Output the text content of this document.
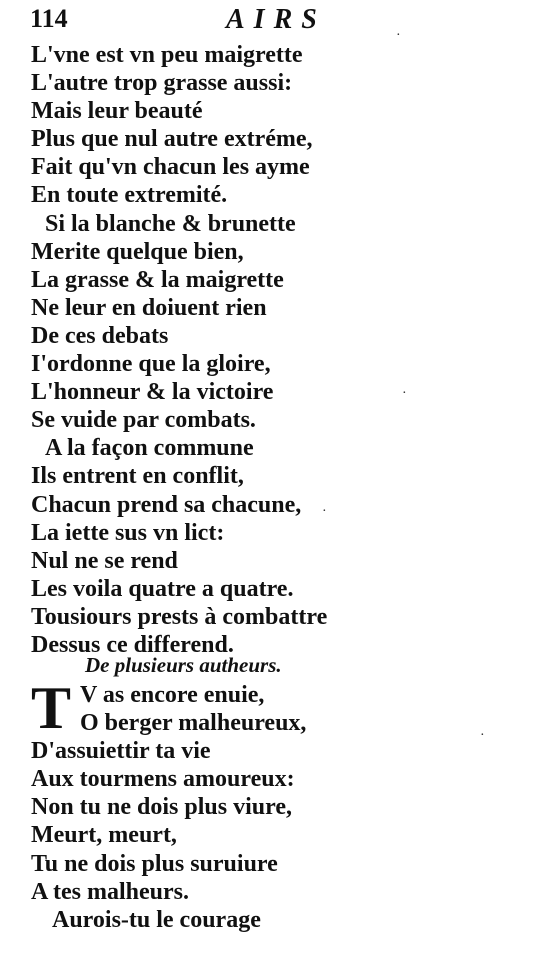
114	AIRS
L'vne est vn peu maigrette
L'autre trop grasse aussi:
Mais leur beauté
Plus que nul autre extréme,
Fait qu'vn chacun les ayme
En toute extremité.
Si la blanche & brunette
Merite quelque bien,
La grasse & la maigrette
Ne leur en doiuent rien
De ces debats
I'ordonne que la gloire,
L'honneur & la victoire
Se vuide par combats.
A la façon commune
Ils entrent en conflit,
Chacun prend sa chacune,
La iette sus vn lict:
Nul ne se rend
Les voila quatre a quatre.
Tousiours prests à combattre
Dessus ce differend.
De plusieurs autheurs.
T V as encore enuie,
O berger malheureux,
D'assuiettir ta vie
Aux tourmens amoureux:
Non tu ne dois plus viure,
Meurt, meurt,
Tu ne dois plus suruiure
A tes malheurs.
Aurois-tu le courage
·
·
·
·
